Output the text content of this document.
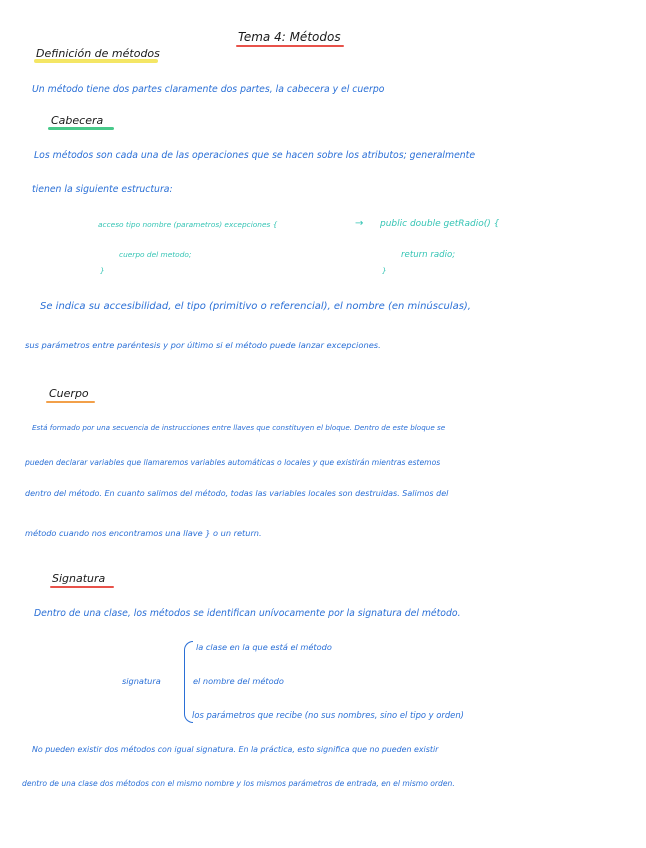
Tema 4: Métodos
Definición de métodos
Un método tiene dos partes claramente dos partes, la cabecera y el cuerpo
Cabecera
Los métodos son cada una de las operaciones que se hacen sobre los atributos; generalmente
tienen la siguiente estructura:
acceso tipo nombre (parametros) excepciones {	→ public double getRadio() {
cuerpo del metodo;	return radio;
}	}
Se indica su accesibilidad, el tipo (primitivo o referencial), el nombre (en minúsculas),
sus parámetros entre paréntesis y por último si el método puede lanzar excepciones.
Cuerpo
Está formado por una secuencia de instrucciones entre llaves que constituyen el bloque. Dentro de este bloque se
pueden declarar variables que llamaremos variables automáticas o locales y que existirán mientras estemos
dentro del método. En cuanto salimos del método, todas las variables locales son destruidas. Salimos del
método cuando nos encontramos una llave } o un return.
Signatura
Dentro de una clase, los métodos se identifican unívocamente por la signatura del método.
signatura
la clase en la que está el método
el nombre del método
los parámetros que recibe (no sus nombres, sino el tipo y orden)
No pueden existir dos métodos con igual signatura. En la práctica, esto significa que no pueden existir
dentro de una clase dos métodos con el mismo nombre y los mismos parámetros de entrada, en el mismo orden.
